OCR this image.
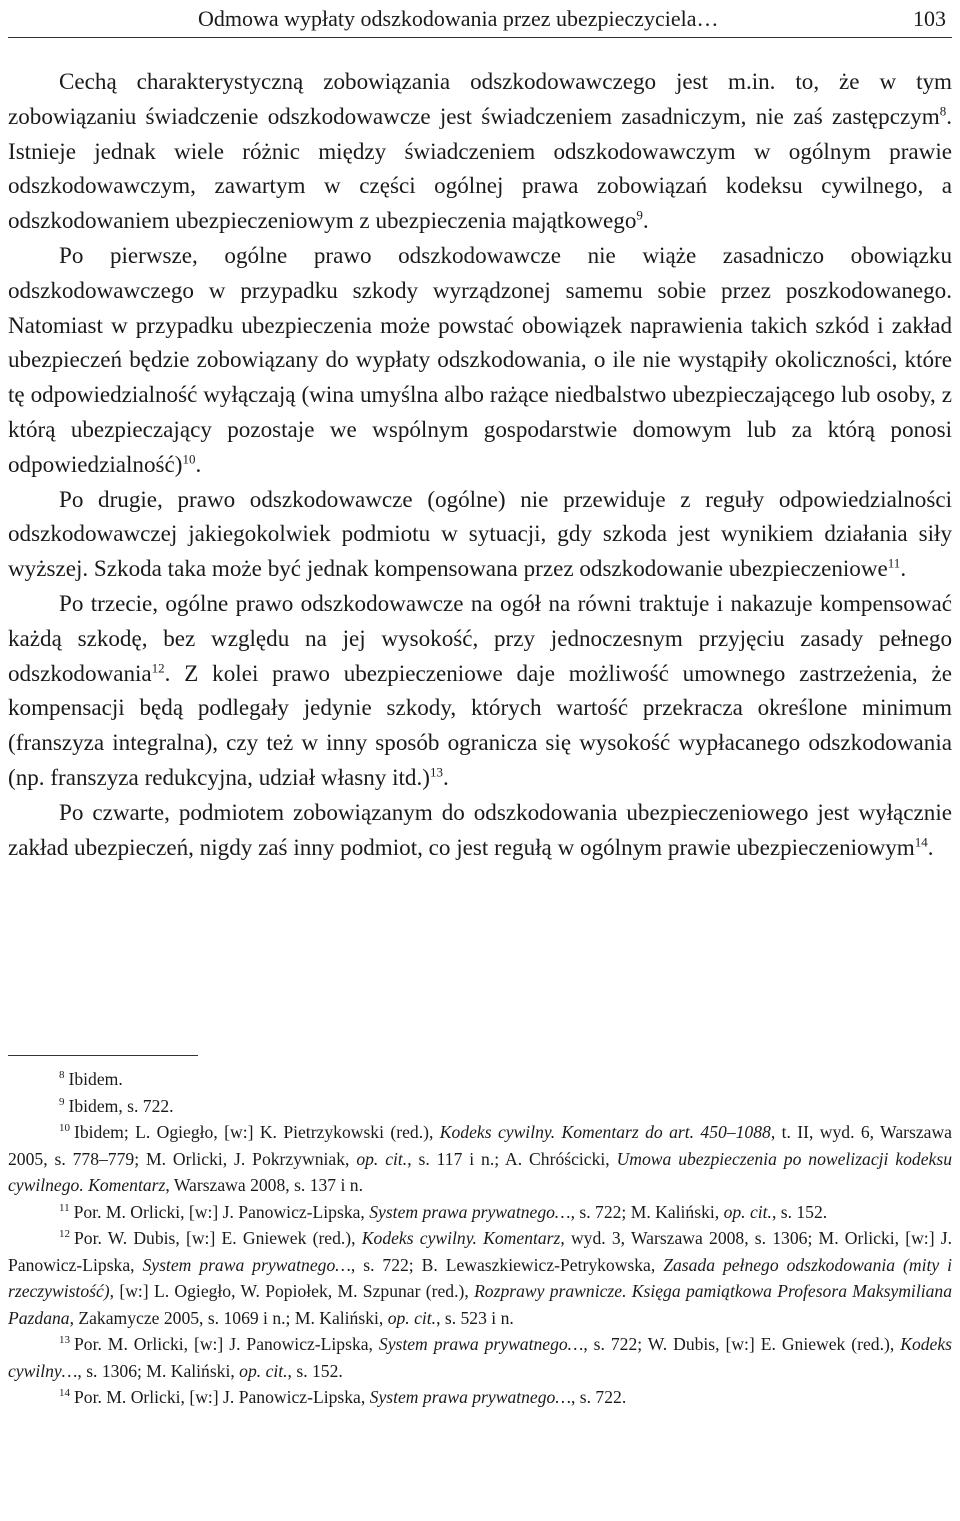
Odmowa wypłaty odszkodowania przez ubezpieczyciela…	103

Cechą charakterystyczną zobowiązania odszkodowawczego jest m.in. to, że w tym zobowiązaniu świadczenie odszkodowawcze jest świadczeniem zasadniczym, nie zaś zastępczym$^8$. Istnieje jednak wiele różnic między świadczeniem odszkodowawczym w ogólnym prawie odszkodowawczym, zawartym w części ogólnej prawa zobowiązań kodeksu cywilnego, a odszkodowaniem ubezpieczeniowym z ubezpieczenia majątkowego$^9$.

Po pierwsze, ogólne prawo odszkodowawcze nie wiąże zasadniczo obowiązku odszkodowawczego w przypadku szkody wyrządzonej samemu sobie przez poszkodowanego. Natomiast w przypadku ubezpieczenia może powstać obowiązek naprawienia takich szkód i zakład ubezpieczeń będzie zobowiązany do wypłaty odszkodowania, o ile nie wystąpiły okoliczności, które tę odpowiedzialność wyłączają (wina umyślna albo rażące niedbalstwo ubezpieczającego lub osoby, z którą ubezpieczający pozostaje we wspólnym gospodarstwie domowym lub za którą ponosi odpowiedzialność)$^{10}$.

Po drugie, prawo odszkodowawcze (ogólne) nie przewiduje z reguły odpowiedzialności odszkodowawczej jakiegokolwiek podmiotu w sytuacji, gdy szkoda jest wynikiem działania siły wyższej. Szkoda taka może być jednak kompensowana przez odszkodowanie ubezpieczeniowe$^{11}$.

Po trzecie, ogólne prawo odszkodowawcze na ogół na równi traktuje i nakazuje kompensować każdą szkodę, bez względu na jej wysokość, przy jednoczesnym przyjęciu zasady pełnego odszkodowania$^{12}$. Z kolei prawo ubezpieczeniowe daje możliwość umownego zastrzeżenia, że kompensacji będą podlegały jedynie szkody, których wartość przekracza określone minimum (franszyza integralna), czy też w inny sposób ogranicza się wysokość wypłacanego odszkodowania (np. franszyza redukcyjna, udział własny itd.)$^{13}$.

Po czwarte, podmiotem zobowiązanym do odszkodowania ubezpieczeniowego jest wyłącznie zakład ubezpieczeń, nigdy zaś inny podmiot, co jest regułą w ogólnym prawie ubezpieczeniowym$^{14}$.

$^8$ Ibidem.

$^9$ Ibidem, s. 722.

$^{10}$ Ibidem; L. Ogiegło, [w:] K. Pietrzykowski (red.), Kodeks cywilny. Komentarz do art. 450–1088, t. II, wyd. 6, Warszawa 2005, s. 778–779; M. Orlicki, J. Pokrzywniak, op. cit., s. 117 i n.; A. Chróścicki, Umowa ubezpieczenia po nowelizacji kodeksu cywilnego. Komentarz, Warszawa 2008, s. 137 i n.

$^{11}$ Por. M. Orlicki, [w:] J. Panowicz-Lipska, System prawa prywatnego…, s. 722; M. Kaliński, op. cit., s. 152.

$^{12}$ Por. W. Dubis, [w:] E. Gniewek (red.), Kodeks cywilny. Komentarz, wyd. 3, Warszawa 2008, s. 1306; M. Orlicki, [w:] J. Panowicz-Lipska, System prawa prywatnego…, s. 722; B. Lewaszkiewicz-Petrykowska, Zasada pełnego odszkodowania (mity i rzeczywistość), [w:] L. Ogiegło, W. Popiołek, M. Szpunar (red.), Rozprawy prawnicze. Księga pamiątkowa Profesora Maksymiliana Pazdana, Zakamycze 2005, s. 1069 i n.; M. Kaliński, op. cit., s. 523 i n.

$^{13}$ Por. M. Orlicki, [w:] J. Panowicz-Lipska, System prawa prywatnego…, s. 722; W. Dubis, [w:] E. Gniewek (red.), Kodeks cywilny…, s. 1306; M. Kaliński, op. cit., s. 152.

$^{14}$ Por. M. Orlicki, [w:] J. Panowicz-Lipska, System prawa prywatnego…, s. 722.
